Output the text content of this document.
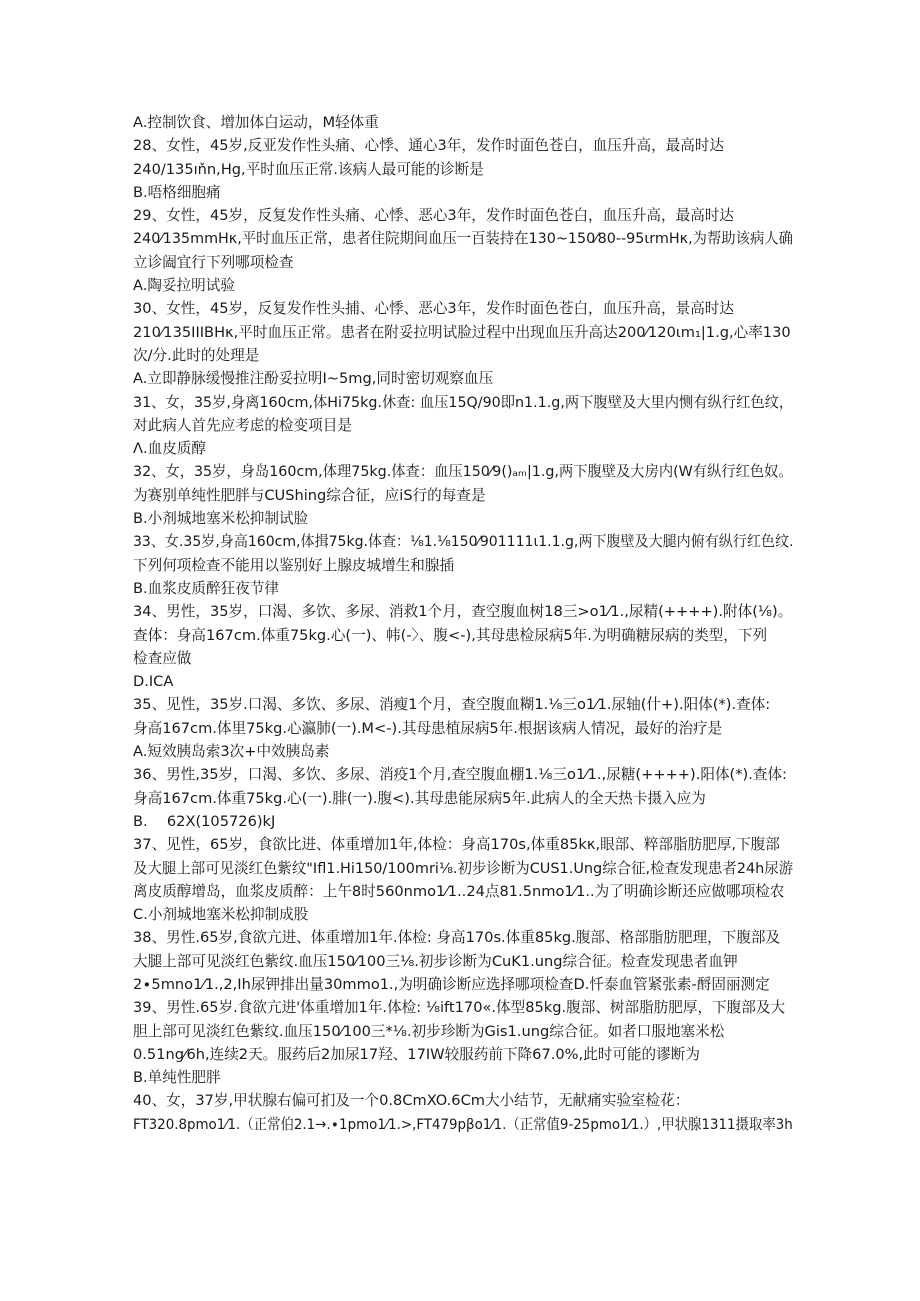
A.控制饮食、增加体白运动，M轻体重
28、女性，45岁,反亚发作性头痛、心悸、通心3年，发作时面色苍白，血压升高，最高时达
240/135ıňn,Hg,平时血压正常.该病人最可能的诊断是
B.唔格细胞痛
29、女性，45岁，反复发作性头痛、心悸、恶心3年，发作时面色苍白，血压升高，最高时达
240⁄135mmHκ,平时血压正常，患者住院期间血压一百装持在130~150⁄80--95ιrmHκ,为帮助该病人确
立诊阖宜行下列哪项检查
A.陶妥拉明试验
30、女性，45岁，反复发作性头捕、心悸、恶心3年，发作时面色苍白，血压升高，景高时达
210⁄135IIIBHκ,平时血压正常。患者在附妥拉明试脸过程中出现血压升高达200⁄120ιm₁|1.g,心率130
次/分.此时的处理是
A.立即静脉缓慢推注酚妥拉明I~5mg,同时密切观察血压
31、女，35岁,身离160cm,体Hi75kg.休查: 血压15Q/90即n1.1.g,两下腹壁及大里内恻有纵行红色纹，
对此病人首先应考虑的检变项目是
Λ.血皮质醇
32、女，35岁，身岛160cm,体理75kg.体查：血压150⁄9()ₐₘ|1.g,两下腹壁及大房内(W有纵行红色奴。
为赛别单纯性肥胖与CUShing综合征，应iS行的每查是
B.小剂城地塞米松抑制试脸
33、女.35岁,身高160cm,体揖75kg.体查：⅛1.⅛150⁄901111ι1.1.g,两下腹壁及大腿内俯有纵行红色纹.
下列何项检查不能用以鉴别好上腺皮城增生和腺插
B.血浆皮质醉狂夜节律
34、男性，35岁，口渴、多饮、多尿、消救1个月，查空腹血树18三>o1⁄1.,尿精(++++).附体(⅛)。
查体：身高167cm.体重75kg.心(一)、帏(-〉、腹<-),其母患检尿病5年.为明确糖尿病的类型，下列
检查应做
D.ICA
35、见性，35岁.口渴、多饮、多尿、消瘦1个月，查空腹血糊1.⅛三o1⁄1.尿轴(什+).阳体(*).查体:
身高167cm.体里75kg.心瀛肺(一).M<-).其母患植尿病5年.根据该病人情况，最好的治疗是
A.短效胰岛索3次+中效胰岛素
36、男性,35岁，口渴、多饮、多尿、消疫1个月,查空腹血棚1.⅛三o1⁄1.,尿糖(++++).阳体(*).查体:
身高167cm.体重75kg.心(一).腓(一).腹<).其母患能尿病5年.此病人的全天热卡摄入应为
B.　 62X(105726)kJ
37、见性，65岁，食欲比进、体重增加1年,体检：身高170s,体重85kκ,眼部、粹部脂肪肥厚,下腹部
及大腿上部可见淡红色紫纹"Ifl1.Hi150/100mri⅛.初步诊断为CUS1.Ung综合征,检查发现患者24h尿游
离皮质醇增岛，血浆皮质醉：上午8时560nmo1⁄1..24点81.5nmo1⁄1..为了明确诊断还应做哪项检农
C.小剂城地塞米松抑制成股
38、男性.65岁,食欲亢进、体重增加1年.体检: 身高170s.体重85kg.腹部、格部脂肪肥理，下腹部及
大腿上部可见淡红色紫纹.血压150⁄100三⅛.初步诊断为CuK1.ung综合征。检查发现患者血钾
2∙5mno1⁄1.,2,Ih尿钾排出量30mmo1.,为明确诊断应选择哪项检查D.忏泰血管紧张素-酹固丽测定
39、男性.65岁.食欲亢进'体重增加1年.体检: ⅛ift170«.体型85kg.腹部、树部脂肪肥厚，下腹部及大
胆上部可见淡红色紫纹.血压150⁄100三*⅛.初步珍断为Gis1.ung综合征。如者口服地塞米松
0.51ng⁄6h,连续2天。服药后2加尿17羟、17IW较服药前下降67.0%,此时可能的谬断为
B.单纯性肥胖
40、女，37岁,甲状腺右偏可扪及一个0.8CmXO.6Cm大小结节，无献痛实验室检花：
FT320.8pmo1⁄1.（正常伯2.1→.∙1pmo1⁄1.>,FT479pβo1⁄1.（正常值9-25pmo1⁄1.）,甲状腺1311摄取率3h
